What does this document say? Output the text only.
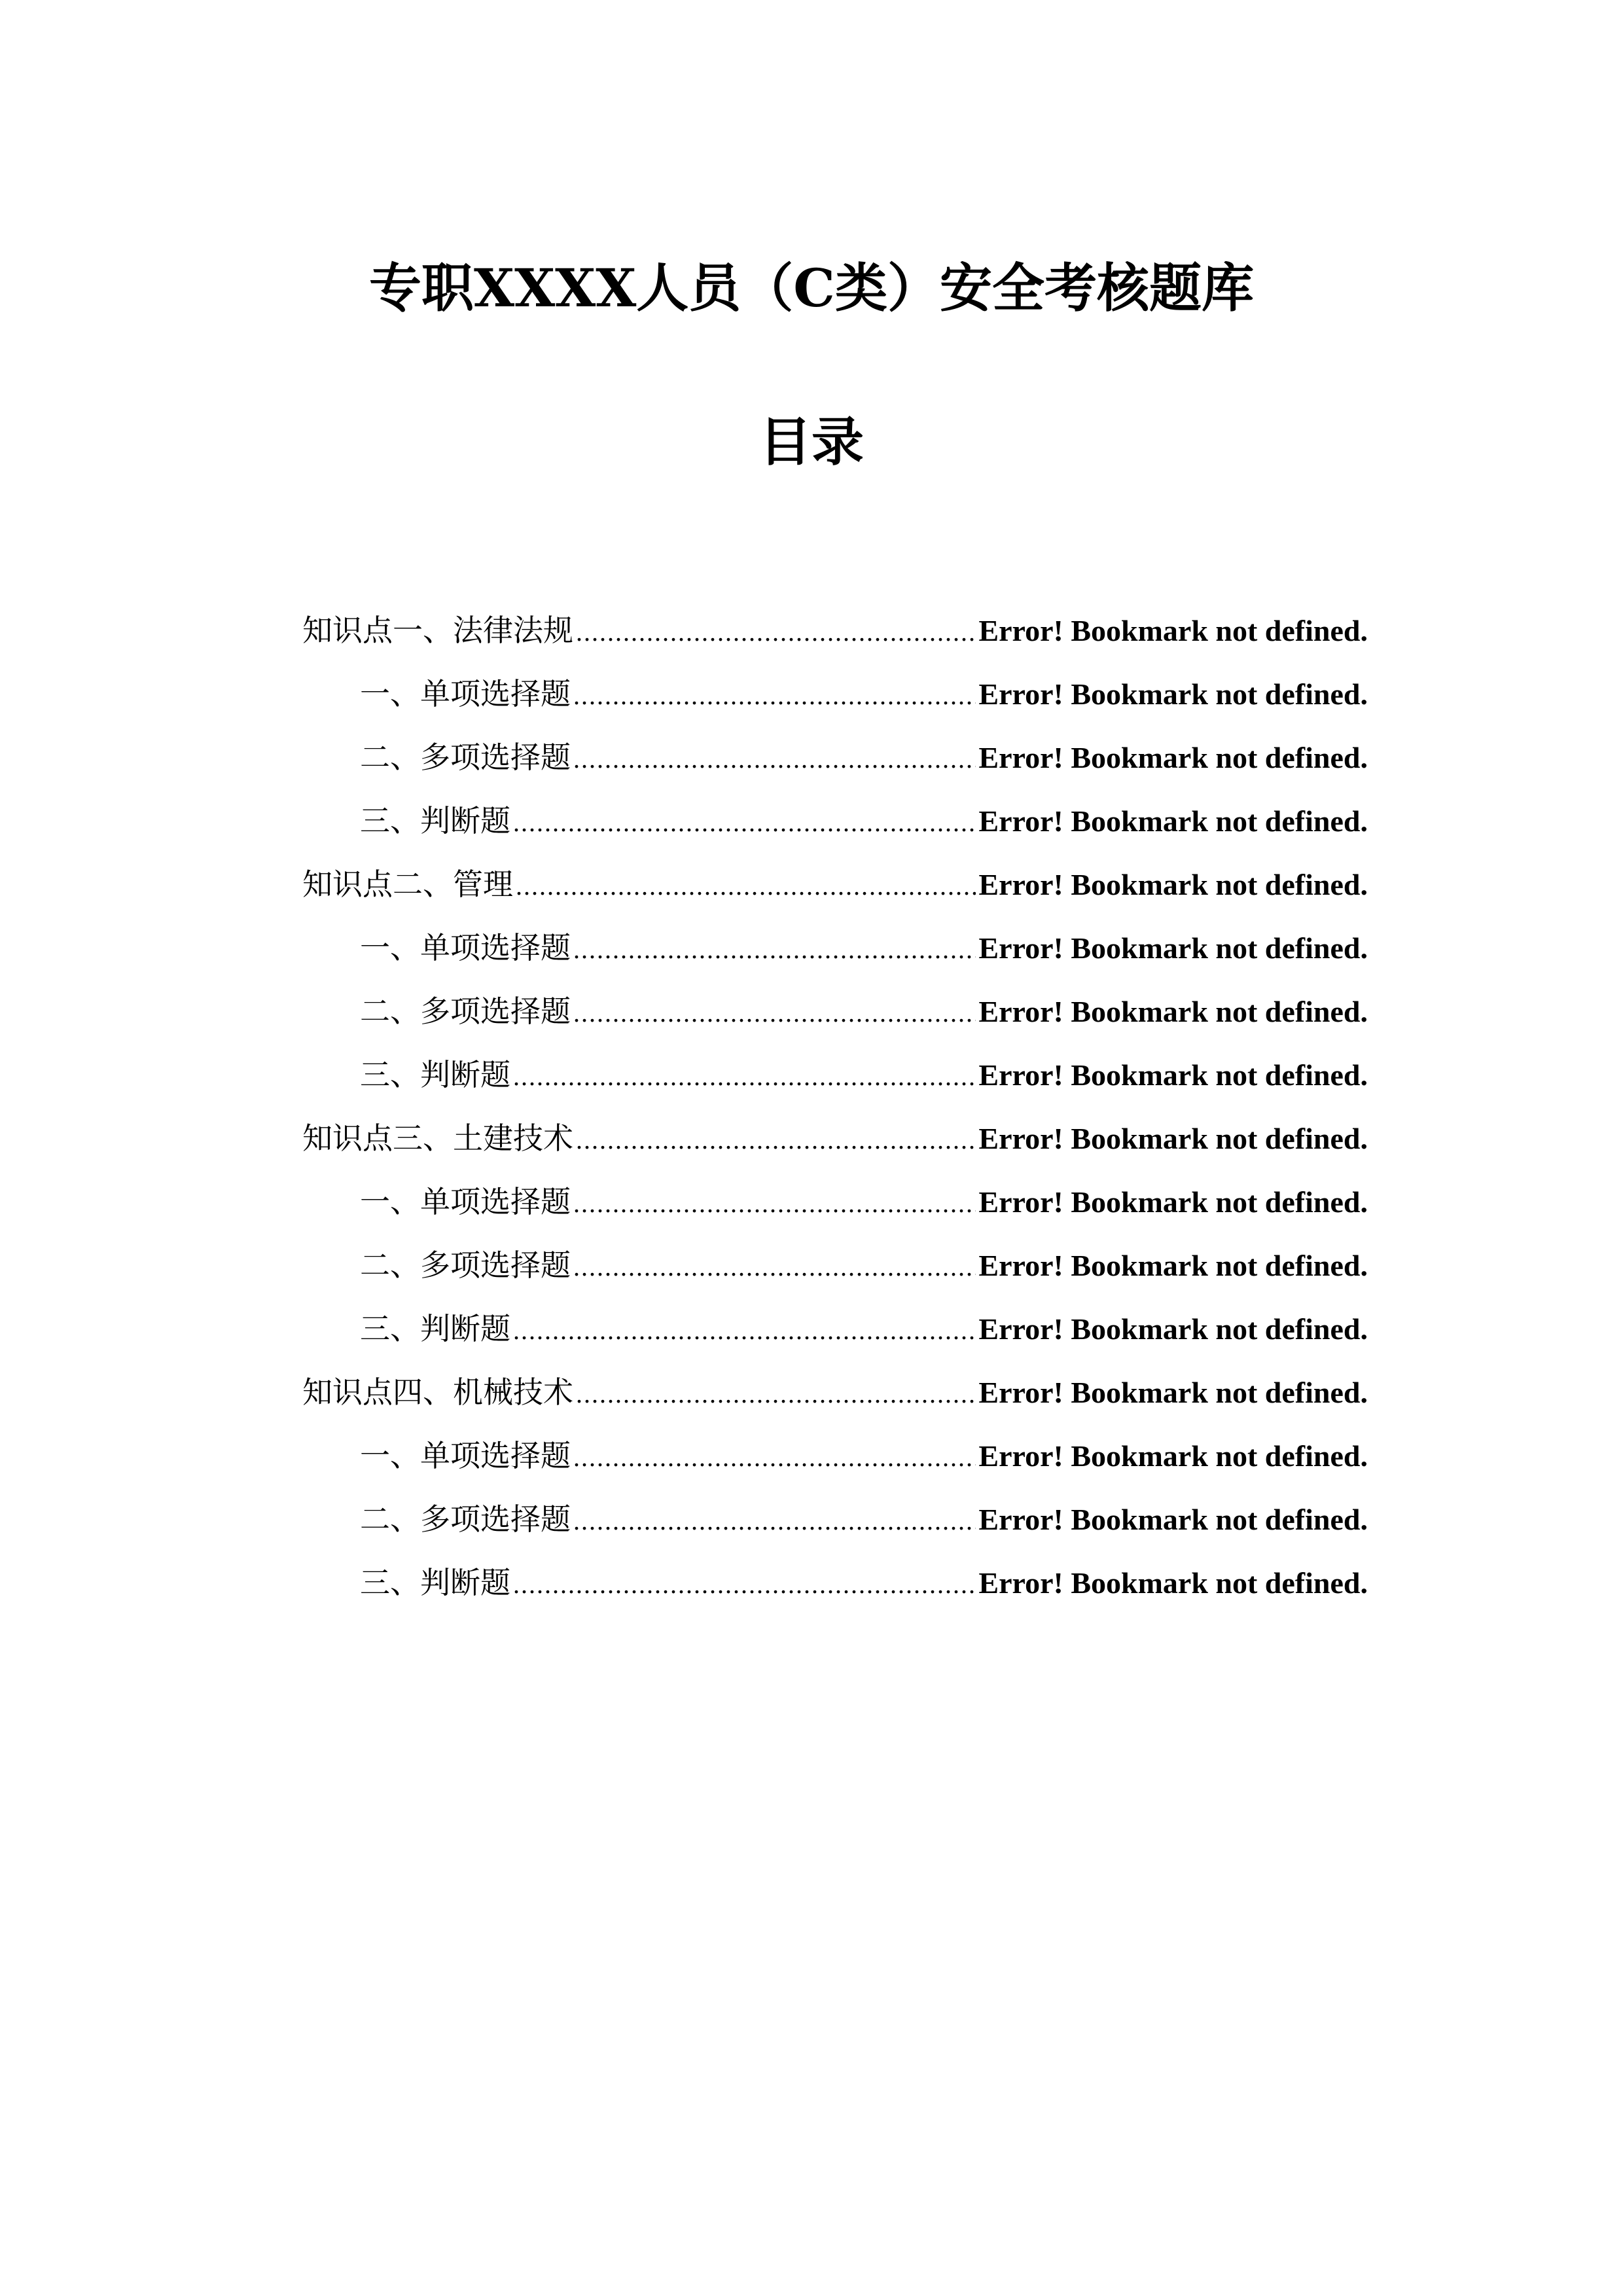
专职XXXX人员（C类）安全考核题库
目录
知识点一、法律法规 .....	Error! Bookmark not defined.
一、单项选择题 .....	Error! Bookmark not defined.
二、多项选择题 .....	Error! Bookmark not defined.
三、判断题 .....	Error! Bookmark not defined.
知识点二、管理 .....	Error! Bookmark not defined.
一、单项选择题 .....	Error! Bookmark not defined.
二、多项选择题 .....	Error! Bookmark not defined.
三、判断题 .....	Error! Bookmark not defined.
知识点三、土建技术 .....	Error! Bookmark not defined.
一、单项选择题 .....	Error! Bookmark not defined.
二、多项选择题 .....	Error! Bookmark not defined.
三、判断题 .....	Error! Bookmark not defined.
知识点四、机械技术 .....	Error! Bookmark not defined.
一、单项选择题 .....	Error! Bookmark not defined.
二、多项选择题 .....	Error! Bookmark not defined.
三、判断题 .....	Error! Bookmark not defined.
